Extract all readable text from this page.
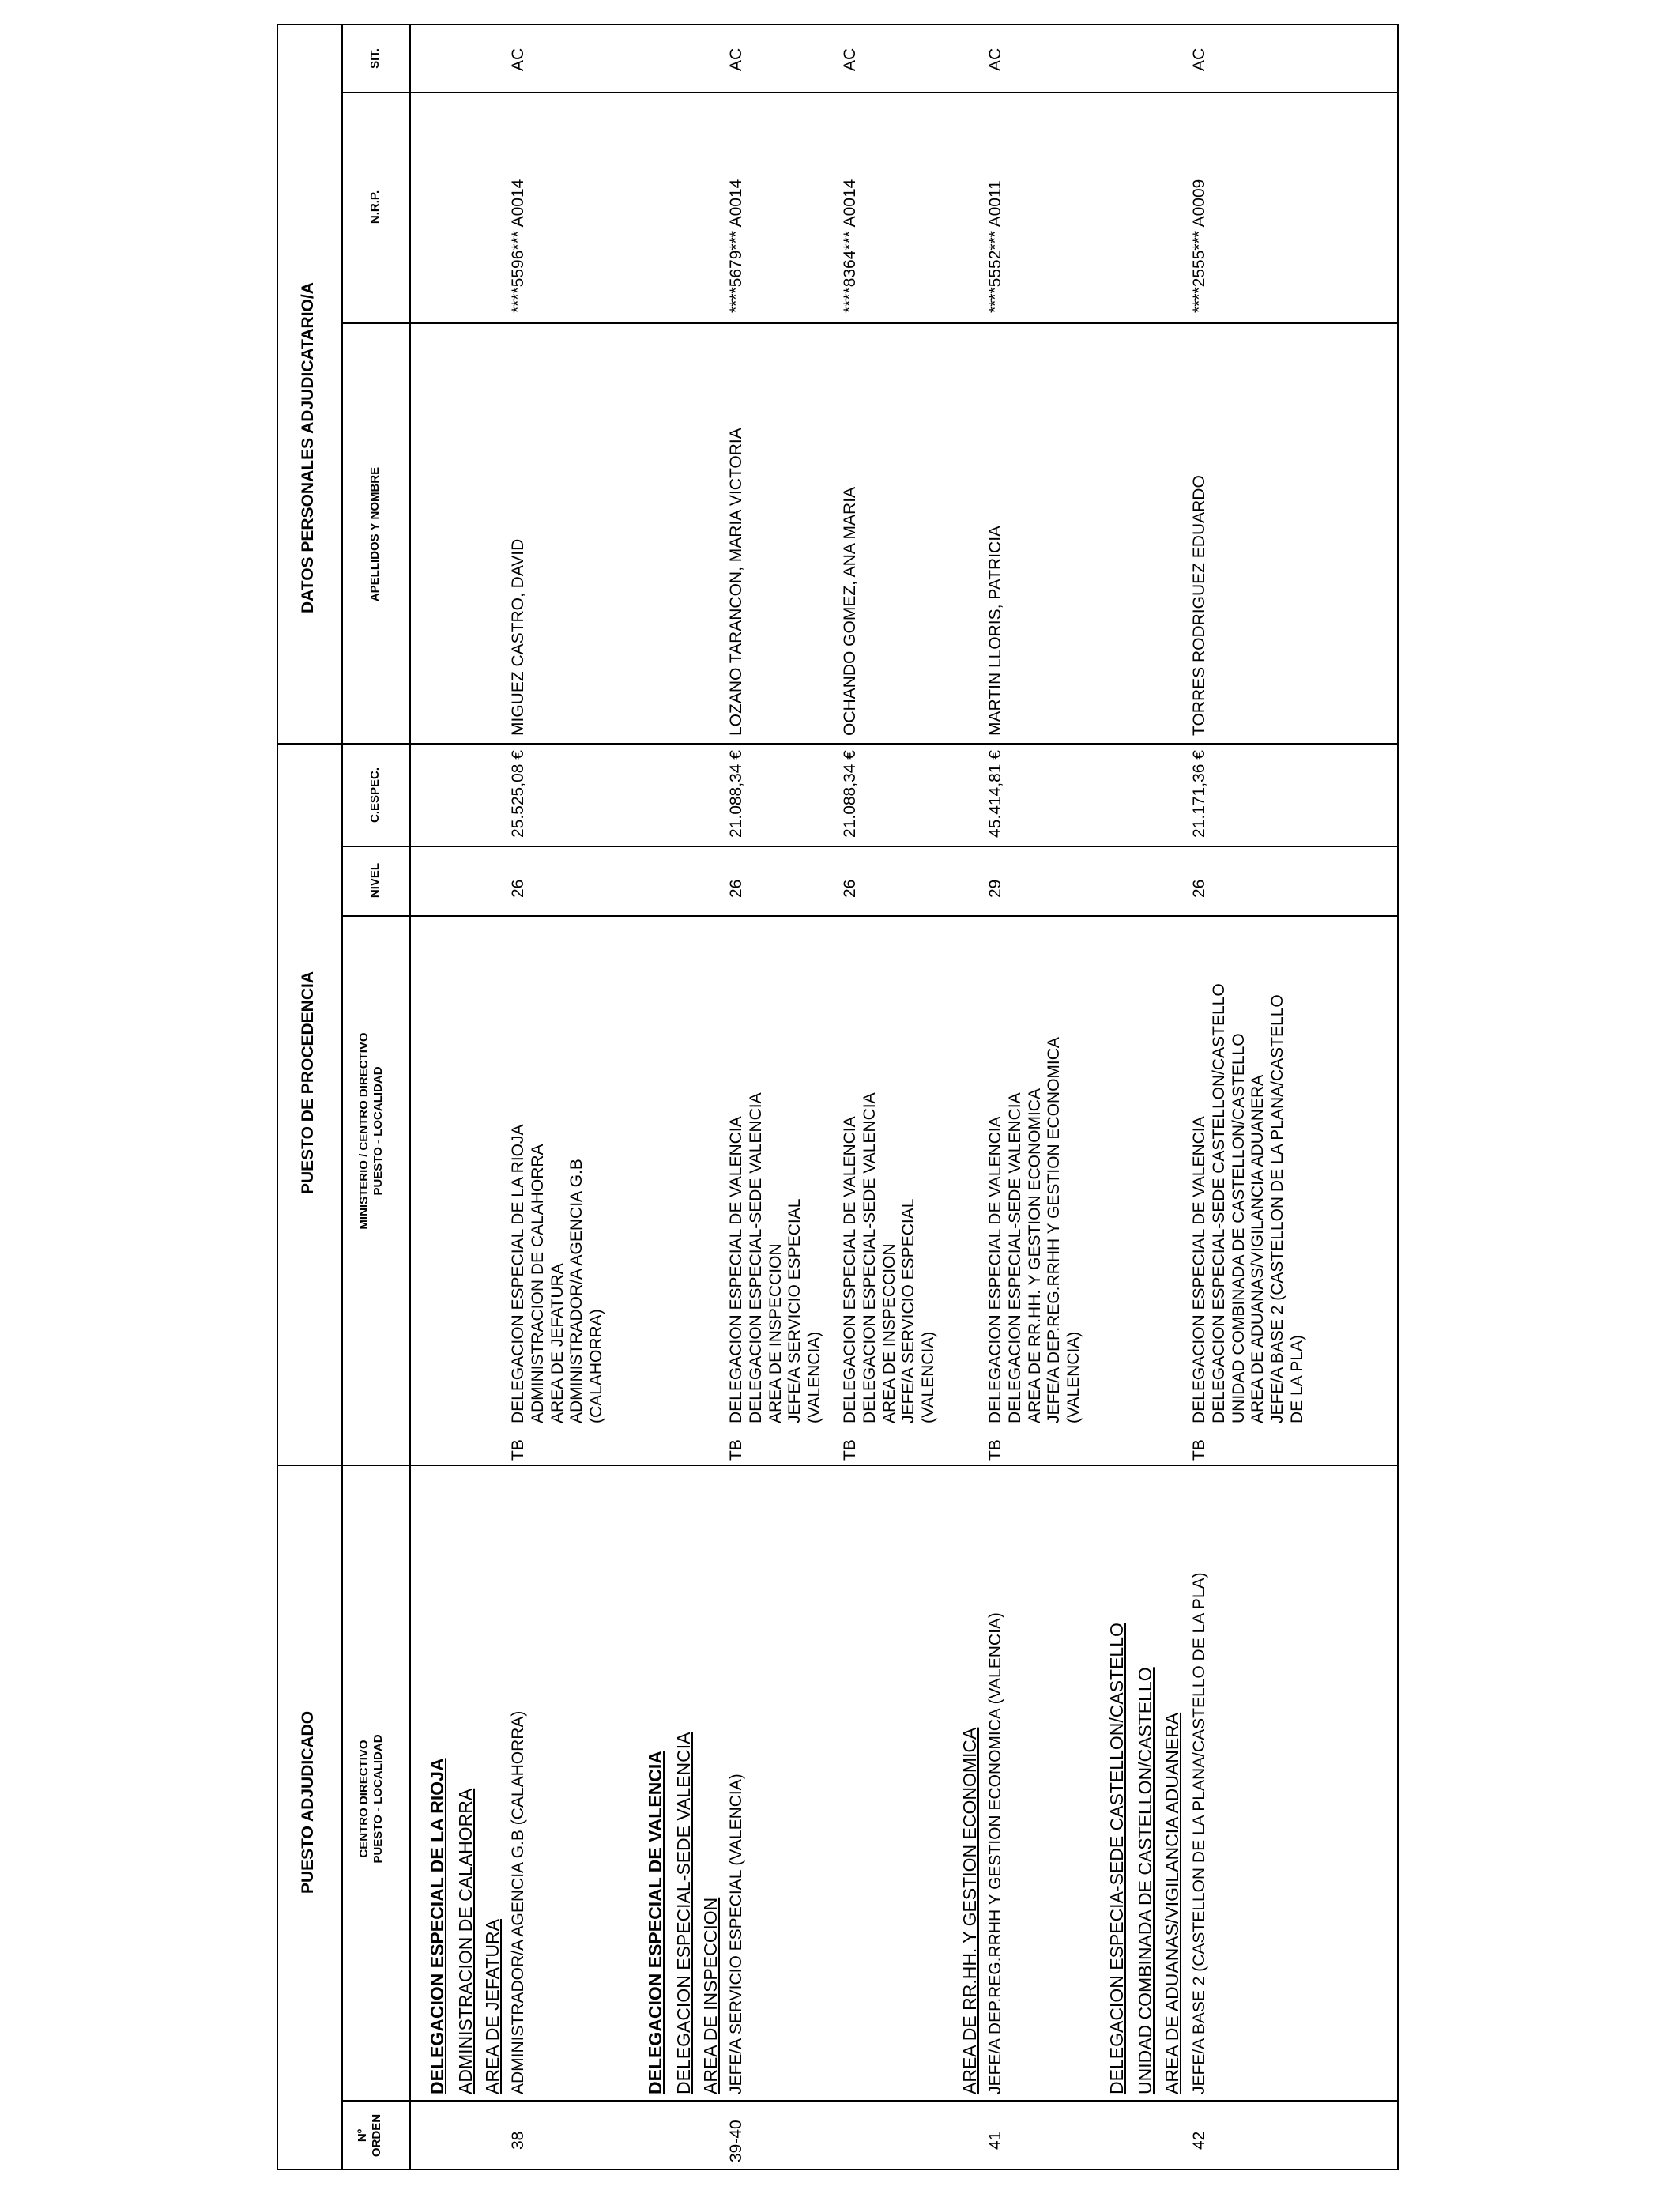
PUESTO ADJUDICADO
PUESTO DE PROCEDENCIA
DATOS PERSONALES ADJUDICATARIO/A
Nº ORDEN
CENTRO DIRECTIVO PUESTO - LOCALIDAD
MINISTERIO / CENTRO DIRECTIVO PUESTO - LOCALIDAD
NIVEL
C.ESPEC.
APELLIDOS Y NOMBRE
N.R.P.
SIT.
DELEGACION ESPECIAL DE LA RIOJA ADMINISTRACION DE CALAHORRA AREA DE JEFATURA
38
ADMINISTRADOR/A AGENCIA G.B (CALAHORRA)
TB
DELEGACION ESPECIAL DE LA RIOJA ADMINISTRACION DE CALAHORRA AREA DE JEFATURA ADMINISTRADOR/A AGENCIA G.B (CALAHORRA)
26
25.525,08 €
MIGUEZ CASTRO, DAVID
****5596*** A0014
AC
DELEGACION ESPECIAL DE VALENCIA DELEGACION ESPECIAL-SEDE VALENCIA AREA DE INSPECCION
39-40
JEFE/A SERVICIO ESPECIAL (VALENCIA)
TB
DELEGACION ESPECIAL DE VALENCIA DELEGACION ESPECIAL-SEDE VALENCIA AREA DE INSPECCION JEFE/A SERVICIO ESPECIAL (VALENCIA)
26
21.088,34 €
LOZANO TARANCON, MARIA VICTORIA
****5679*** A0014
AC
TB
DELEGACION ESPECIAL DE VALENCIA DELEGACION ESPECIAL-SEDE VALENCIA AREA DE INSPECCION JEFE/A SERVICIO ESPECIAL (VALENCIA)
26
21.088,34 €
OCHANDO GOMEZ, ANA MARIA
****8364*** A0014
AC
AREA DE RR.HH. Y GESTION ECONOMICA
41
JEFE/A DEP.REG.RRHH Y GESTION ECONOMICA (VALENCIA)
TB
DELEGACION ESPECIAL DE VALENCIA DELEGACION ESPECIAL-SEDE VALENCIA AREA DE RR.HH. Y GESTION ECONOMICA JEFE/A DEP.REG.RRHH Y GESTION ECONOMICA (VALENCIA)
29
45.414,81 €
MARTIN LLORIS, PATRICIA
****5552*** A0011
AC
DELEGACION ESPECIA-SEDE CASTELLON/CASTELLO UNIDAD COMBINADA DE CASTELLON/CASTELLO AREA DE ADUANAS/VIGILANCIA ADUANERA
42
JEFE/A BASE 2 (CASTELLON DE LA PLANA/CASTELLO DE LA PLA)
TB
DELEGACION ESPECIAL DE VALENCIA DELEGACION ESPECIAL-SEDE CASTELLON/CASTELLO UNIDAD COMBINADA DE CASTELLON/CASTELLO AREA DE ADUANAS/VIGILANCIA ADUANERA JEFE/A BASE 2 (CASTELLON DE LA PLANA/CASTELLO DE LA PLA)
26
21.171,36 €
TORRES RODRIGUEZ EDUARDO
****2555*** A0009
AC
